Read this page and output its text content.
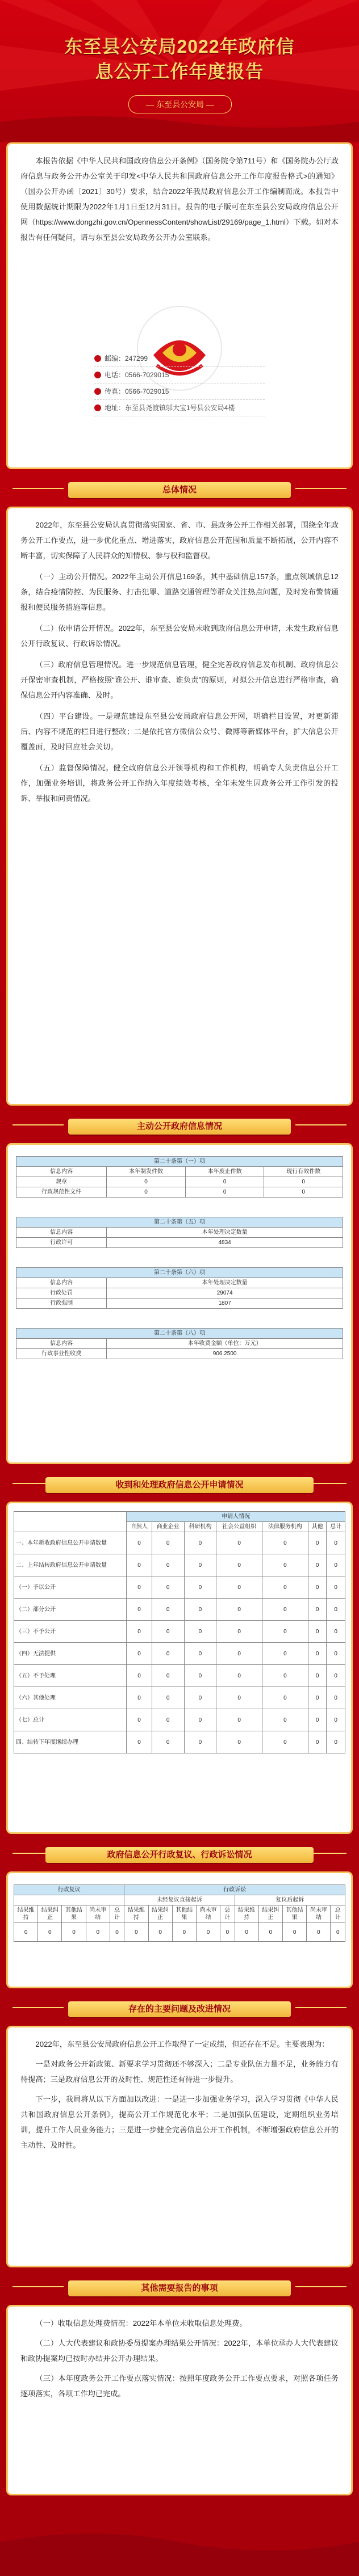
东至县公安局2022年政府信
息公开工作年度报告
— 东至县公安局 —

本报告依据《中华人民共和国政府信息公开条例》（国务院令第711号）和《国务院办公厅政府信息与政务公开办公室关于印发<中华人民共和国政府信息公开工作年度报告格式>的通知》（国办公开办函〔2021〕30号）要求，结合2022年我局政府信息公开工作编制而成。本报告中使用数据统计期限为2022年1月1日至12月31日。报告的电子版可在东至县公安局政府信息公开网（https://www.dongzhi.gov.cn/OpennessContent/showList/29169/page_1.html）下载。如对本报告有任何疑问，请与东至县公安局政务公开办公室联系。

邮编：247299
电话：0566-7029015
传真：0566-7029015
地址：东至县尧渡镇邬大宝1号县公安局4楼
总体情况

2022年，东至县公安局认真贯彻落实国家、省、市、县政务公开工作相关部署，围绕全年政务公开工作要点，进一步优化重点、增进落实，政府信息公开范围和质量不断拓展，公开内容不断丰富，切实保障了人民群众的知情权、参与权和监督权。

（一）主动公开情况。2022年主动公开信息169条，其中基础信息157条，重点领域信息12条，结合疫情防控、为民服务、打击犯罪、道路交通管理等群众关注热点问题，及时发布警情通报和便民服务措施等信息。

（二）依申请公开情况。2022年，东至县公安局未收到政府信息公开申请，未发生政府信息公开行政复议、行政诉讼情况。

（三）政府信息管理情况。进一步规范信息管理，健全完善政府信息发布机制、政府信息公开保密审查机制，严格按照“谁公开、谁审查、谁负责”的原则，对拟公开信息进行严格审查，确保信息公开内容准确、及时。

（四）平台建设。一是规范建设东至县公安局政府信息公开网，明确栏目设置，对更新滞后、内容不规范的栏目进行整改；二是依托官方微信公众号、微博等新媒体平台，扩大信息公开覆盖面，及时回应社会关切。

（五）监督保障情况。健全政府信息公开领导机构和工作机构，明确专人负责信息公开工作，加强业务培训，将政务公开工作纳入年度绩效考核，全年未发生因政务公开工作引发的投诉、举报和问责情况。

主动公开政府信息情况
第二十条第（一）项			
信息内容	本年制发件数	本年废止件数	现行有效件数
规章	0	0	0
行政规范性文件	0	0	0

第二十条第（五）项			
信息内容	本年处理决定数量		
行政许可	4834		

第二十条第（六）项			
信息内容	本年处理决定数量		
行政处罚	29074		
行政强制	1807		

第二十条第（八）项			
信息内容	本年收费金额（单位：万元）		
行政事业性收费	906.2500		
收到和处理政府信息公开申请情况
	申请人情况						
	自然人	商业企业	科研机构	社会公益组织	法律服务机构	其他	总计
一、本年新收政府信息公开申请数量	0	0	0	0	0	0	0
二、上年结转政府信息公开申请数量	0	0	0	0	0	0	0
（一）予以公开	0	0	0	0	0	0	0
（二）部分公开	0	0	0	0	0	0	0
（三）不予公开	0	0	0	0	0	0	0
（四）无法提供	0	0	0	0	0	0	0
（五）不予处理	0	0	0	0	0	0	0
（六）其他处理	0	0	0	0	0	0	0
（七）总计	0	0	0	0	0	0	0
四、结转下年度继续办理	0	0	0	0	0	0	0
政府信息公开行政复议、行政诉讼情况
行政复议					行政诉讼									
					未经复议直接起诉					复议后起诉				
结果维持	结果纠正	其他结果	尚未审结	总计	结果维持	结果纠正	其他结果	尚未审结	总计	结果维持	结果纠正	其他结果	尚未审结	总计
0	0	0	0	0	0	0	0	0	0	0	0	0	0	0
存在的主要问题及改进情况

2022年，东至县公安局政府信息公开工作取得了一定成绩，但还存在不足。主要表现为：

一是对政务公开新政策、新要求学习贯彻还不够深入；二是专业队伍力量不足，业务能力有待提高；三是政府信息公开的及时性、规范性还有待进一步提升。

下一步，我局将从以下方面加以改进：一是进一步加强业务学习，深入学习贯彻《中华人民共和国政府信息公开条例》，提高公开工作规范化水平；二是加强队伍建设，定期组织业务培训，提升工作人员业务能力；三是进一步健全完善信息公开工作机制，不断增强政府信息公开的主动性、及时性。

其他需要报告的事项

（一）收取信息处理费情况：2022年本单位未收取信息处理费。

（二）人大代表建议和政协委员提案办理结果公开情况：2022年，本单位承办人大代表建议和政协提案均已按时办结并公开办理结果。

（三）本年度政务公开工作要点落实情况：按照年度政务公开工作要点要求，对照各项任务逐项落实，各项工作均已完成。
